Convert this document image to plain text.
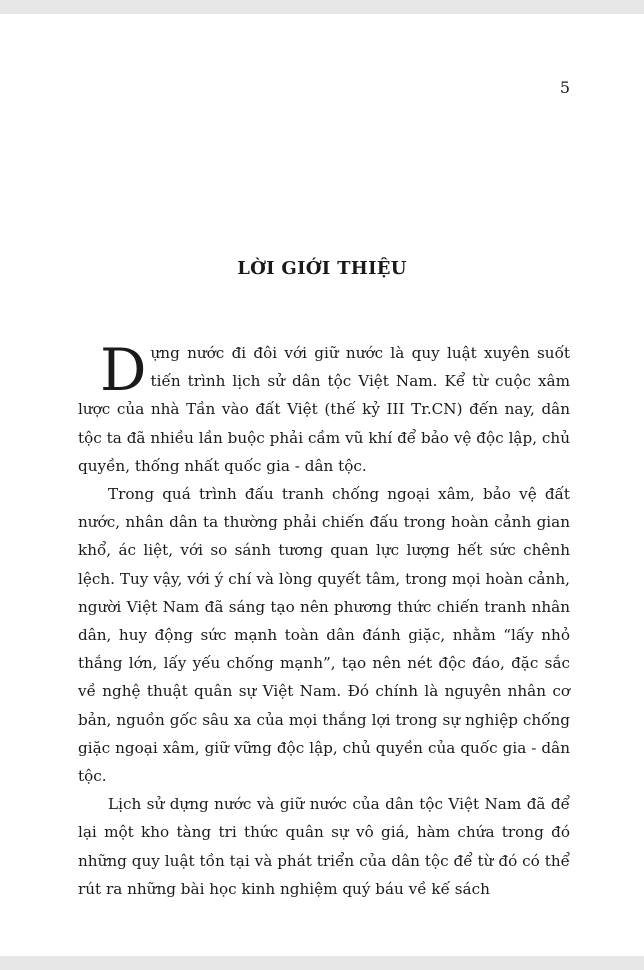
5
LỜI GIỚI THIỆU

Dựng nước đi đôi với giữ nước là quy luật xuyên suốt tiến trình lịch sử dân tộc Việt Nam. Kể từ cuộc xâm lược của nhà Tần vào đất Việt (thế kỷ III Tr.CN) đến nay, dân tộc ta đã nhiều lần buộc phải cầm vũ khí để bảo vệ độc lập, chủ quyền, thống nhất quốc gia - dân tộc.

Trong quá trình đấu tranh chống ngoại xâm, bảo vệ đất nước, nhân dân ta thường phải chiến đấu trong hoàn cảnh gian khổ, ác liệt, với so sánh tương quan lực lượng hết sức chênh lệch. Tuy vậy, với ý chí và lòng quyết tâm, trong mọi hoàn cảnh, người Việt Nam đã sáng tạo nên phương thức chiến tranh nhân dân, huy động sức mạnh toàn dân đánh giặc, nhằm “lấy nhỏ thắng lớn, lấy yếu chống mạnh”, tạo nên nét độc đáo, đặc sắc về nghệ thuật quân sự Việt Nam. Đó chính là nguyên nhân cơ bản, nguồn gốc sâu xa của mọi thắng lợi trong sự nghiệp chống giặc ngoại xâm, giữ vững độc lập, chủ quyền của quốc gia - dân tộc.

Lịch sử dựng nước và giữ nước của dân tộc Việt Nam đã để lại một kho tàng tri thức quân sự vô giá, hàm chứa trong đó những quy luật tồn tại và phát triển của dân tộc để từ đó có thể rút ra những bài học kinh nghiệm quý báu về kế sách
